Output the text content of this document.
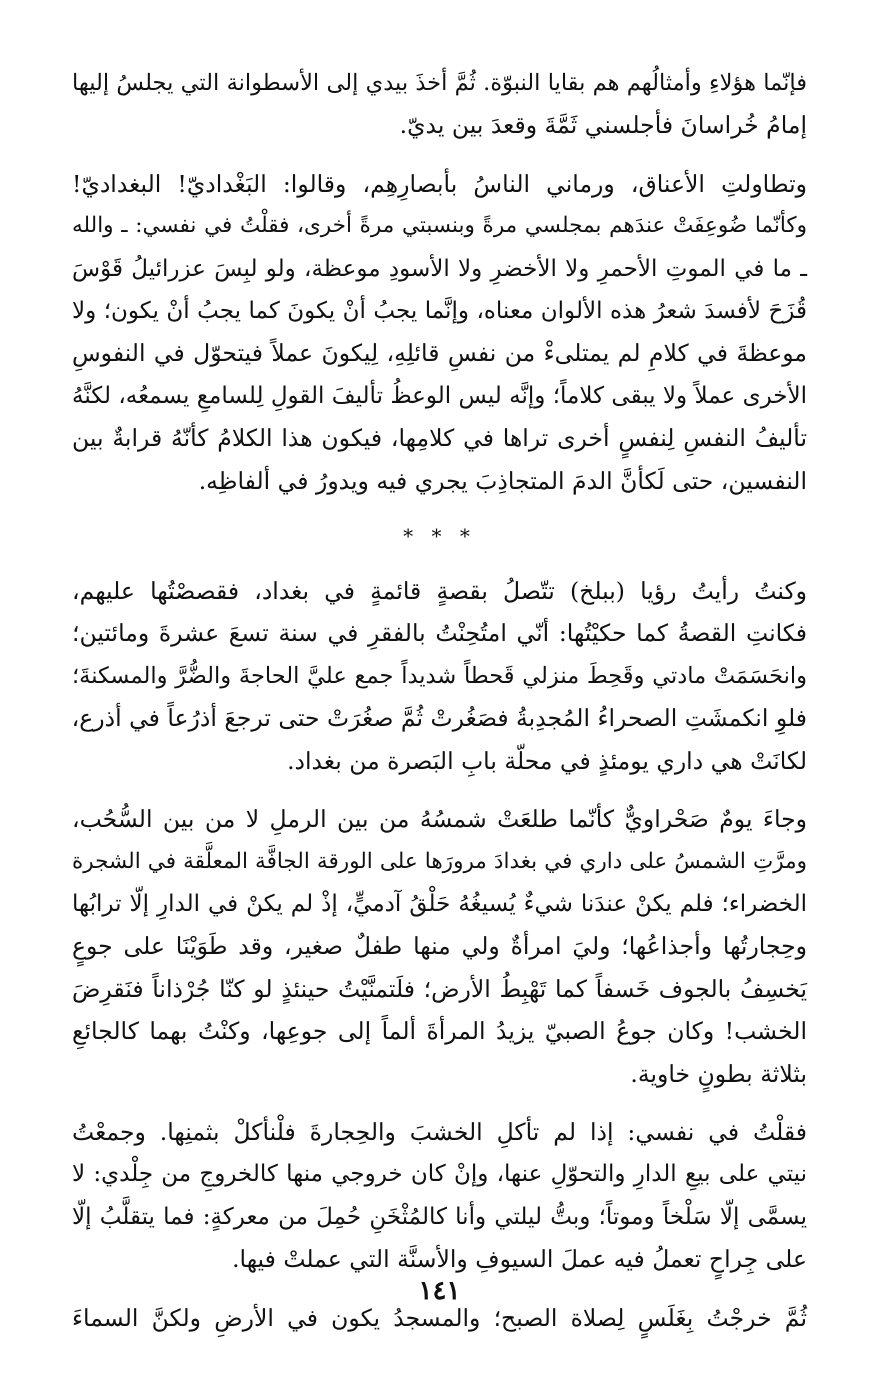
فإنّما هؤلاءِ وأمثالُهم هم بقايا النبوّة. ثُمَّ أخذَ بيدي إلى الأسطوانة التي يجلسُ إليها
إمامُ خُراسانَ فأجلسني ثَمَّةَ وقعدَ بين يديّ.
وتطاولتِ الأعناق، ورماني الناسُ بأبصارِهِم، وقالوا: البَغْداديّ! البغداديّ!
وكأنّما ضُوعِفَتْ عندَهم بمجلسي مرةً وبنسبتي مرةً أخرى، فقلْتُ في نفسي: ـ والله
ـ ما في الموتِ الأحمرِ ولا الأخضرِ ولا الأسودِ موعظة، ولو لبِسَ عزرائيلُ قَوْسَ
قُزَحَ لأفسدَ شعرُ هذه الألوان معناه، وإنَّما يجبُ أنْ يكونَ كما يجبُ أنْ يكون؛ ولا
موعظةَ في كلامِ لم يمتلىءْ من نفسِ قائلِهِ، لِيكونَ عملاً فيتحوّل في النفوسِ
الأخرى عملاً ولا يبقى كلاماً؛ وإنَّه ليس الوعظُ تأليفَ القولِ لِلسامعِ يسمعُه، لكنَّهُ
تأليفُ النفسِ لِنفسٍ أخرى تراها في كلامِها، فيكون هذا الكلامُ كأنّهُ قرابةٌ بين
النفسين، حتى لَكأنَّ الدمَ المتجاذِبَ يجري فيه ويدورُ في ألفاظِه.
* * *
وكنتُ رأيتُ رؤيا (ببلخ) تتّصلُ بقصةٍ قائمةٍ في بغداد، فقصصْتُها عليهم،
فكانتِ القصةُ كما حكيْتُها: أنّي امتُحِنْتُ بالفقرِ في سنة تسعَ عشرةَ ومائتين؛
وانحَسَمَتْ مادتي وقَحِطَ منزلي قَحطاً شديداً جمع عليَّ الحاجةَ والضُّرَّ والمسكنةَ؛
فلوِ انكمشَتِ الصحراءُ المُجدِبةُ فصَغُرتْ ثُمَّ صغُرَتْ حتى ترجعَ أذرُعاً في أذرع،
لكانَتْ هي داري يومئذٍ في محلّة بابِ البَصرة من بغداد.
وجاءَ يومٌ صَحْراويٌّ كأنّما طلعَتْ شمسُهُ من بين الرملِ لا من بين السُّحُب،
ومرَّتِ الشمسُ على داري في بغدادَ مرورَها على الورقة الجافَّة المعلَّقة في الشجرة
الخضراء؛ فلم يكنْ عندَنا شيءٌ يُسيغُهُ حَلْقُ آدميٍّ، إذْ لم يكنْ في الدارِ إلّا ترابُها
وحِجارتُها وأجذاعُها؛ وليَ امرأةٌ ولي منها طفلٌ صغير، وقد طَوَيْنَا على جوعٍ
يَخسِفُ بالجوف خَسفاً كما تَهْبِطُ الأرض؛ فلَتمنَّيْتُ حينئذٍ لو كنّا جُرْذاناً فنَقرِضَ
الخشب! وكان جوعُ الصبيّ يزيدُ المرأةَ ألماً إلى جوعِها، وكنْتُ بهما كالجائعِ
بثلاثة بطونٍ خاوية.
فقلْتُ في نفسي: إذا لم تأكلِ الخشبَ والحِجارةَ فلْنأكلْ بثمنِها. وجمعْتُ
نيتي على بيعِ الدارِ والتحوّلِ عنها، وإنْ كان خروجي منها كالخروجِ من جِلْدي: لا
يسمَّى إلّا سَلْخاً وموتاً؛ وبتُّ ليلتي وأنا كالمُثْخَنِ حُمِلَ من معركةٍ: فما يتقلَّبُ إلّا
على جِراحٍ تعملُ فيه عملَ السيوفِ والأسنَّة التي عملتْ فيها.
ثُمَّ خرجْتُ بِغَلَسٍ لِصلاة الصبح؛ والمسجدُ يكون في الأرضِ ولكنَّ السماءَ
١٤١
